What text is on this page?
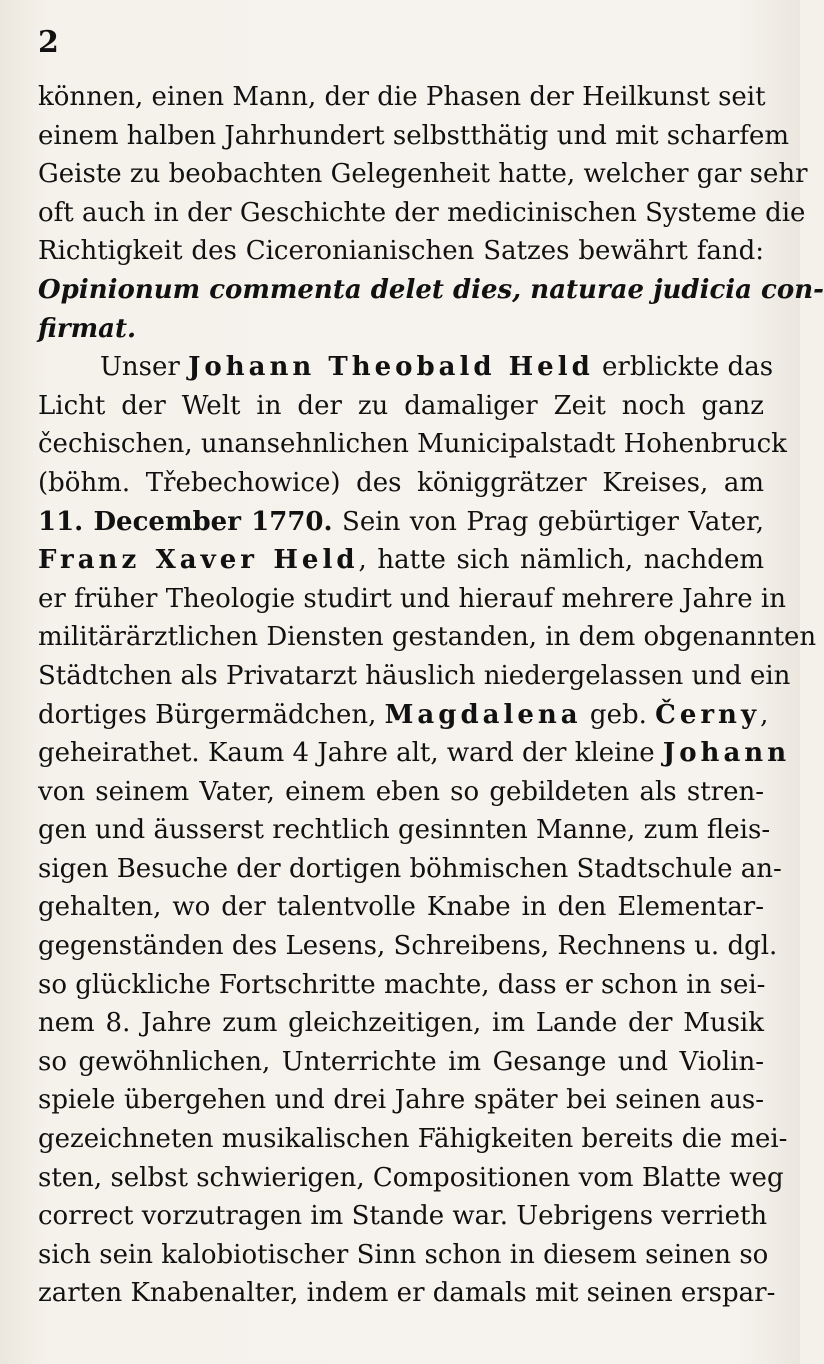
2
können, einen Mann, der die Phasen der Heilkunst seit
einem halben Jahrhundert selbstthätig und mit scharfem
Geiste zu beobachten Gelegenheit hatte, welcher gar sehr
oft auch in der Geschichte der medicinischen Systeme die
Richtigkeit des Ciceronianischen Satzes bewährt fand:
Opinionum commenta delet dies, naturae judicia con-
firmat.
Unser Johann Theobald Held erblickte das
Licht der Welt in der zu damaliger Zeit noch ganz
čechischen, unansehnlichen Municipalstadt Hohenbruck
(böhm. Třebechowice) des königgrätzer Kreises, am
11. December 1770. Sein von Prag gebürtiger Vater,
Franz Xaver Held, hatte sich nämlich, nachdem
er früher Theologie studirt und hierauf mehrere Jahre in
militärärztlichen Diensten gestanden, in dem obgenannten
Städtchen als Privatarzt häuslich niedergelassen und ein
dortiges Bürgermädchen, Magdalena geb. Černy,
geheirathet. Kaum 4 Jahre alt, ward der kleine Johann
von seinem Vater, einem eben so gebildeten als stren-
gen und äusserst rechtlich gesinnten Manne, zum fleis-
sigen Besuche der dortigen böhmischen Stadtschule an-
gehalten, wo der talentvolle Knabe in den Elementar-
gegenständen des Lesens, Schreibens, Rechnens u. dgl.
so glückliche Fortschritte machte, dass er schon in sei-
nem 8. Jahre zum gleichzeitigen, im Lande der Musik
so gewöhnlichen, Unterrichte im Gesange und Violin-
spiele übergehen und drei Jahre später bei seinen aus-
gezeichneten musikalischen Fähigkeiten bereits die mei-
sten, selbst schwierigen, Compositionen vom Blatte weg
correct vorzutragen im Stande war. Uebrigens verrieth
sich sein kalobiotischer Sinn schon in diesem seinen so
zarten Knabenalter, indem er damals mit seinen erspar-
